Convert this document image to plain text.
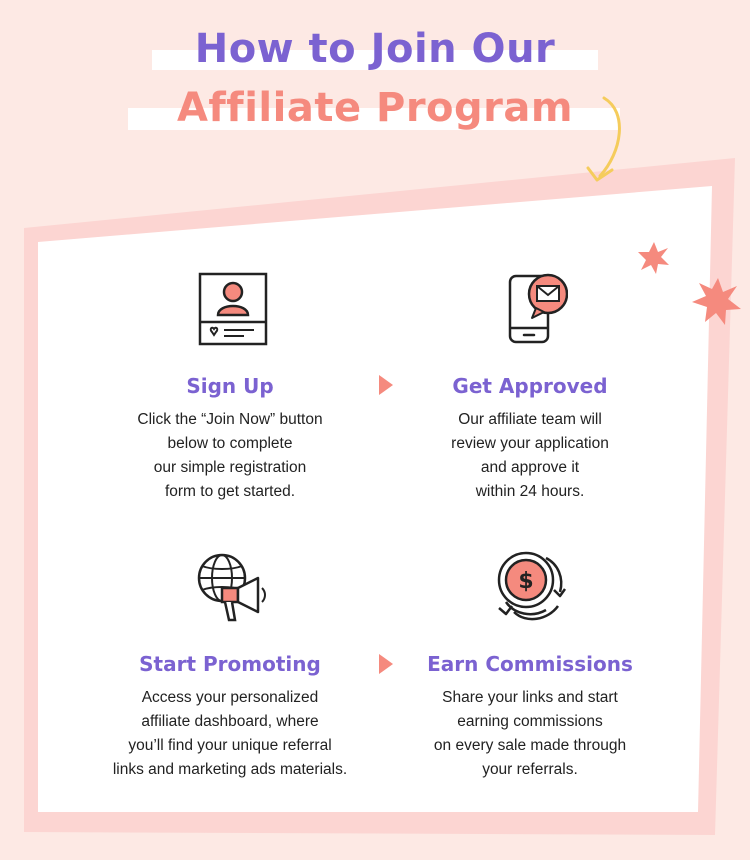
How to Join Our
Affiliate Program
Sign Up
Click the “Join Now” button
below to complete
our simple registration
form to get started.
Get Approved
Our affiliate team will
review your application
and approve it
within 24 hours.
Start Promoting
Access your personalized
affiliate dashboard, where
you’ll find your unique referral
links and marketing ads materials.
$
Earn Commissions
Share your links and start
earning commissions
on every sale made through
your referrals.
